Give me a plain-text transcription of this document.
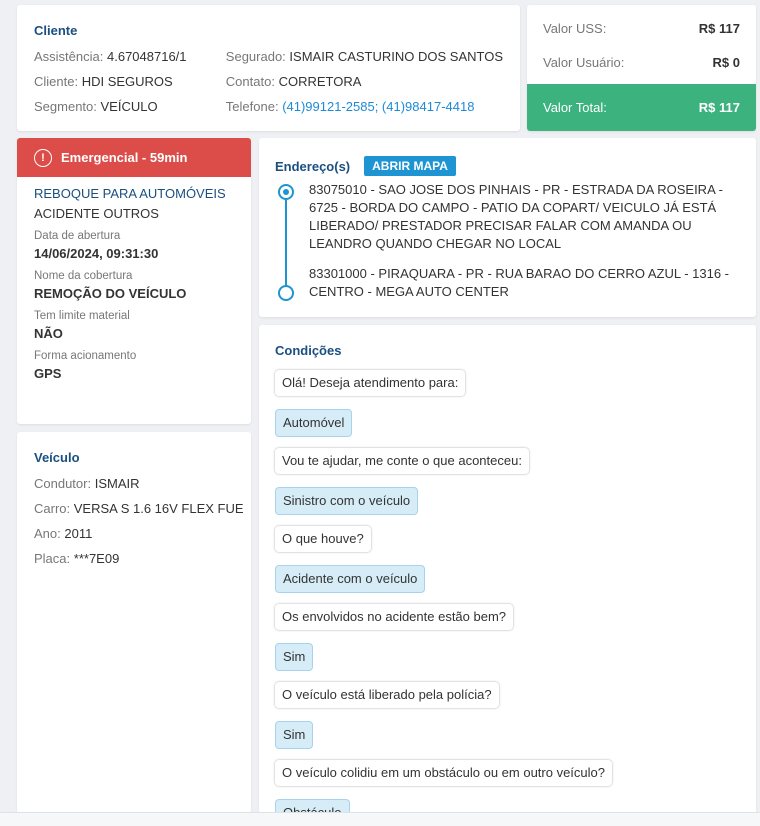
Cliente
Assistência: 4.67048716/1
Cliente: HDI SEGUROS
Segmento: VEÍCULO
Segurado: ISMAIR CASTURINO DOS SANTOS
Contato: CORRETORA
Telefone: (41)99121-2585; (41)98417-4418
Valor USS:	R$ 117
Valor Usuário:	R$ 0
Valor Total:	R$ 117
!	Emergencial - 59min
REBOQUE PARA AUTOMÓVEIS
ACIDENTE OUTROS
Data de abertura
14/06/2024, 09:31:30
Nome da cobertura
REMOÇÃO DO VEÍCULO
Tem limite material
NÃO
Forma acionamento
GPS
Veículo
Condutor: ISMAIR
Carro: VERSA S 1.6 16V FLEX FUE
Ano: 2011
Placa: ***7E09
Endereço(s)	ABRIR MAPA
83075010 - SAO JOSE DOS PINHAIS - PR - ESTRADA DA ROSEIRA - 6725 - BORDA DO CAMPO - PATIO DA COPART/ VEICULO JÁ ESTÁ LIBERADO/ PRESTADOR PRECISAR FALAR COM AMANDA OU LEANDRO QUANDO CHEGAR NO LOCAL
83301000 - PIRAQUARA - PR - RUA BARAO DO CERRO AZUL - 1316 - CENTRO - MEGA AUTO CENTER
Condições
Olá! Deseja atendimento para:
Automóvel
Vou te ajudar, me conte o que aconteceu:
Sinistro com o veículo
O que houve?
Acidente com o veículo
Os envolvidos no acidente estão bem?
Sim
O veículo está liberado pela polícia?
Sim
O veículo colidiu em um obstáculo ou em outro veículo?
